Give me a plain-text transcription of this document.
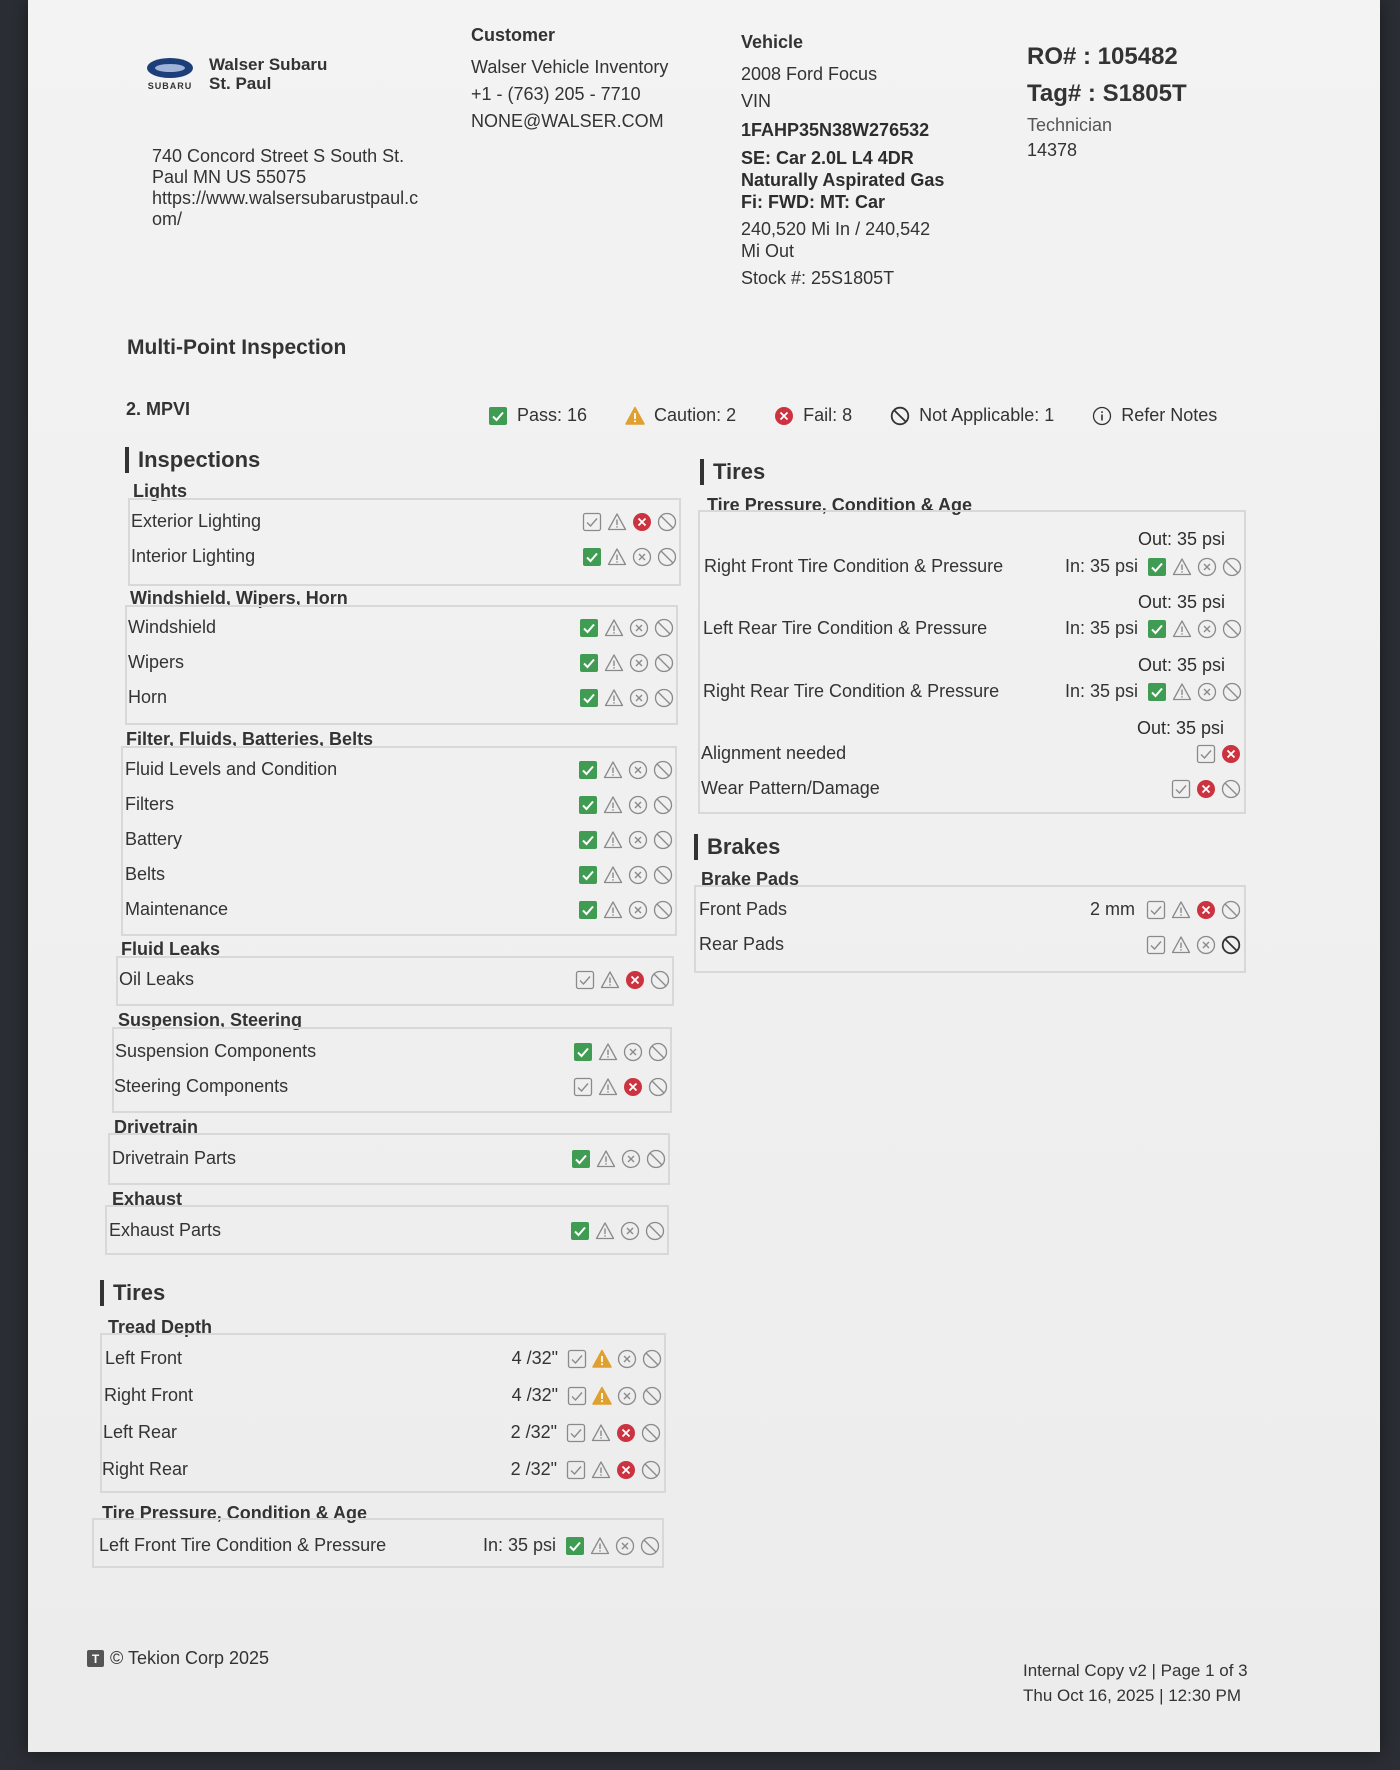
SUBARU
Walser Subaru
St. Paul
740 Concord Street S South St.
Paul MN US 55075
https://www.walsersubarustpaul.c
om/
Customer
Walser Vehicle Inventory
+1 - (763) 205 - 7710
NONE@WALSER.COM
Vehicle
2008 Ford Focus
VIN
1FAHP35N38W276532
SE: Car 2.0L L4 4DR
Naturally Aspirated Gas
Fi: FWD: MT: Car
240,520 Mi In / 240,542
Mi Out
Stock #: 25S1805T
RO# : 105482
Tag# : S1805T
Technician
14378
Multi-Point Inspection
2. MPVI	Pass: 16	Caution: 2	Fail: 8	Not Applicable: 1	Refer Notes
Inspections
Lights
Exterior Lighting
Interior Lighting
Windshield, Wipers, Horn
Windshield
Wipers
Horn
Filter, Fluids, Batteries, Belts
Fluid Levels and Condition
Filters
Battery
Belts
Maintenance
Fluid Leaks
Oil Leaks
Suspension, Steering
Suspension Components
Steering Components
Drivetrain
Drivetrain Parts
Exhaust
Exhaust Parts
Tires
Tread Depth
Left Front	4 /32"
Right Front	4 /32"
Left Rear	2 /32"
Right Rear	2 /32"
Tire Pressure, Condition & Age
Left Front Tire Condition & Pressure	In: 35 psi
Tires
Tire Pressure, Condition & Age
Out: 35 psi
Right Front Tire Condition & Pressure	In: 35 psi
Out: 35 psi
Left Rear Tire Condition & Pressure	In: 35 psi
Out: 35 psi
Right Rear Tire Condition & Pressure	In: 35 psi
Out: 35 psi
Alignment needed
Wear Pattern/Damage
Brakes
Brake Pads
Front Pads	2 mm
Rear Pads
T © Tekion Corp 2025
Internal Copy v2 | Page 1 of 3
Thu Oct 16, 2025 | 12:30 PM
